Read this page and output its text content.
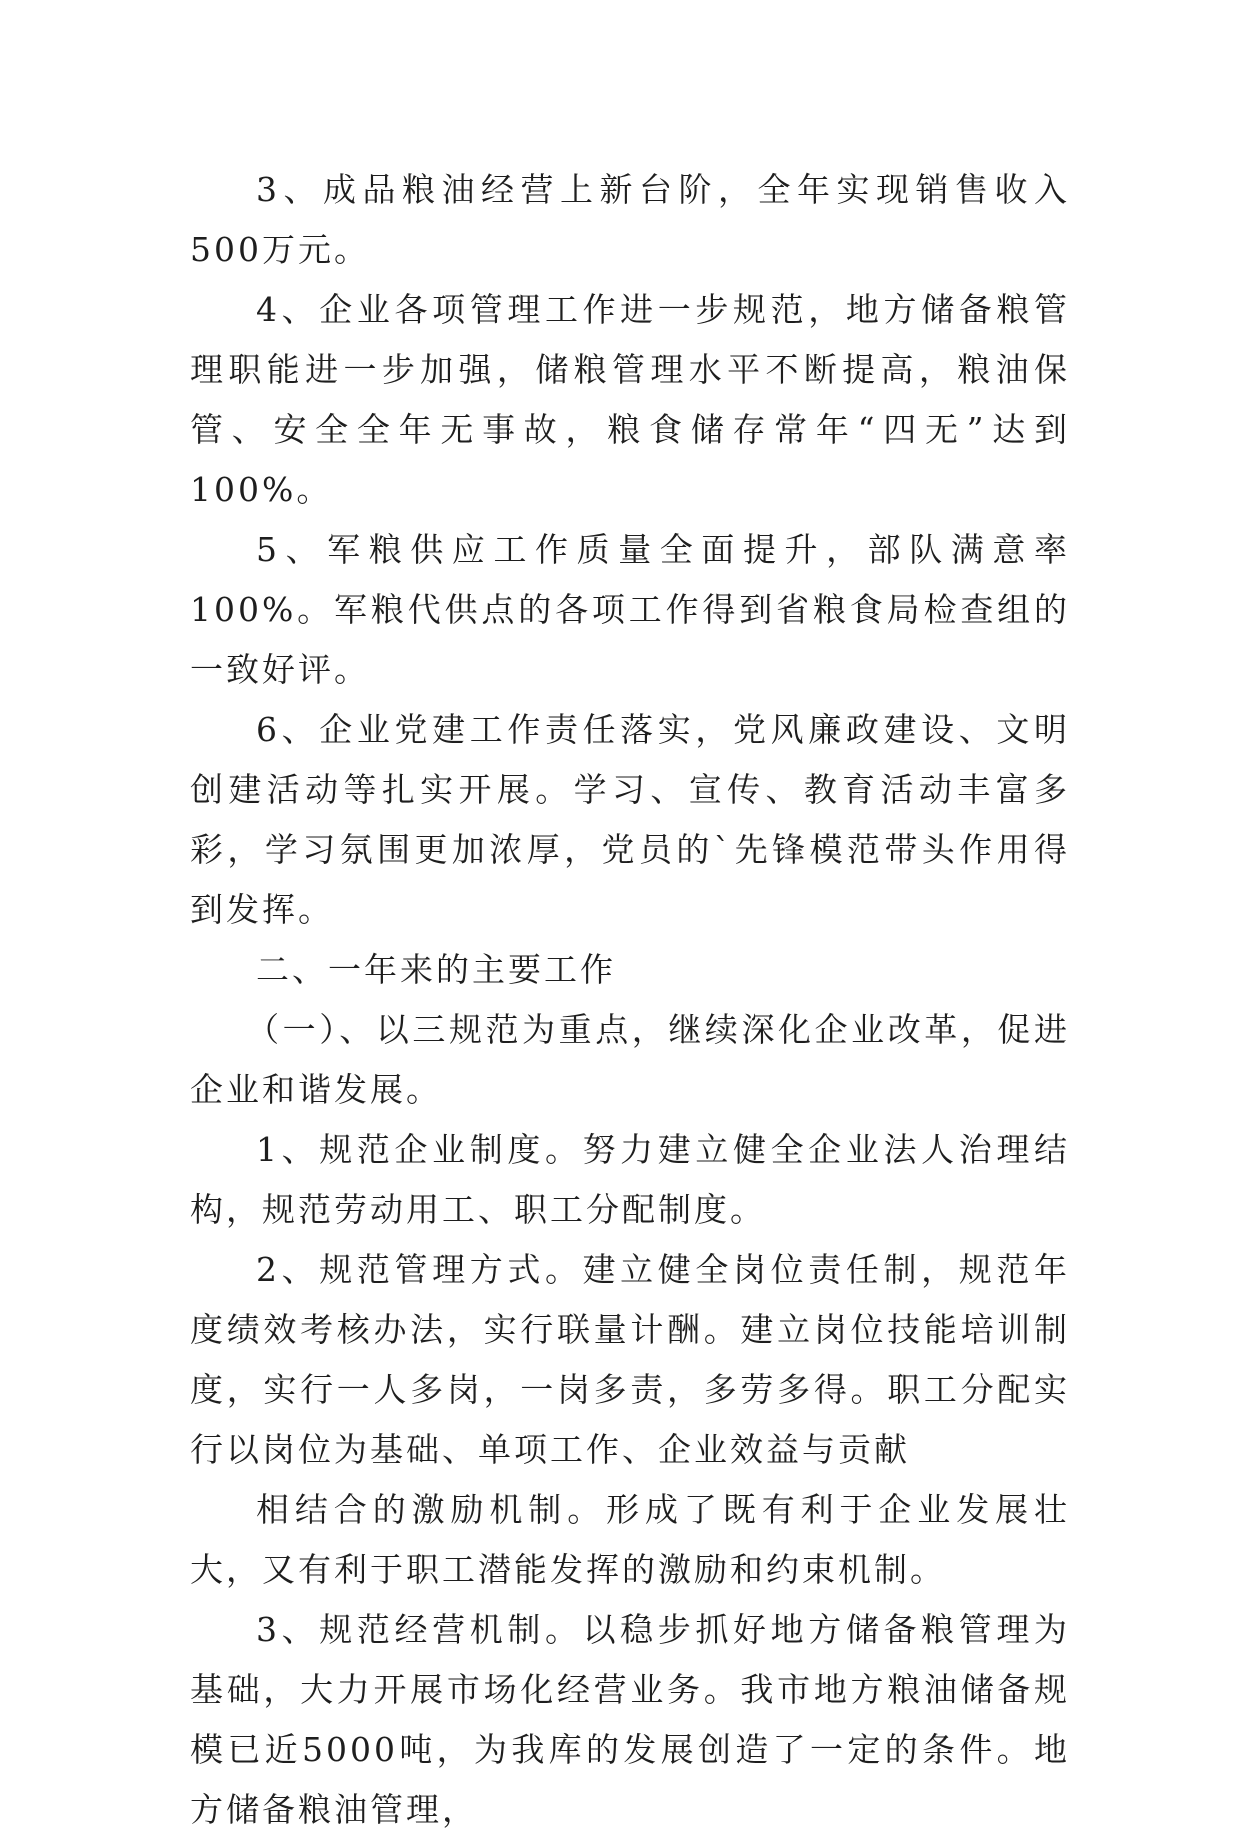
3、成品粮油经营上新台阶，全年实现销售收入500万元。

4、企业各项管理工作进一步规范，地方储备粮管理职能进一步加强，储粮管理水平不断提高，粮油保管、安全全年无事故，粮食储存常年“四无”达到100%。

5、军粮供应工作质量全面提升，部队满意率100%。军粮代供点的各项工作得到省粮食局检查组的一致好评。

6、企业党建工作责任落实，党风廉政建设、文明创建活动等扎实开展。学习、宣传、教育活动丰富多彩，学习氛围更加浓厚，党员的`先锋模范带头作用得到发挥。

二、一年来的主要工作

（一）、以三规范为重点，继续深化企业改革，促进企业和谐发展。

1、规范企业制度。努力建立健全企业法人治理结构，规范劳动用工、职工分配制度。

2、规范管理方式。建立健全岗位责任制，规范年度绩效考核办法，实行联量计酬。建立岗位技能培训制度，实行一人多岗，一岗多责，多劳多得。职工分配实行以岗位为基础、单项工作、企业效益与贡献

相结合的激励机制。形成了既有利于企业发展壮大，又有利于职工潜能发挥的激励和约束机制。

3、规范经营机制。以稳步抓好地方储备粮管理为基础，大力开展市场化经营业务。我市地方粮油储备规模已近5000吨，为我库的发展创造了一定的条件。地方储备粮油管理，
